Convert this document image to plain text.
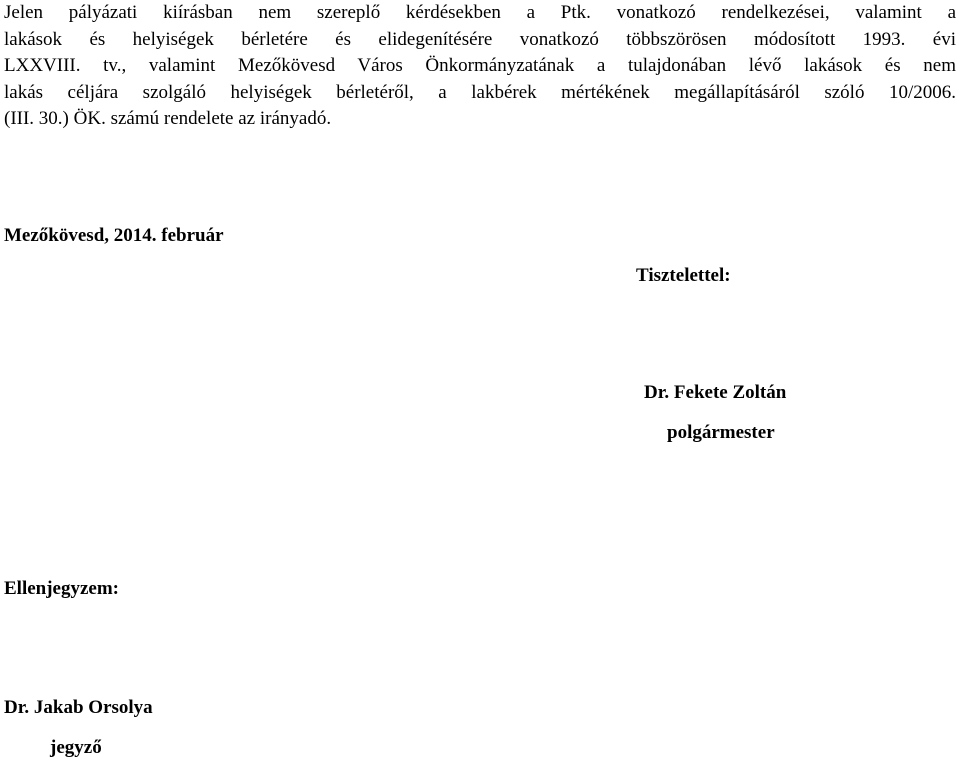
Jelen pályázati kiírásban nem szereplő kérdésekben a Ptk. vonatkozó rendelkezései, valamint a
lakások és helyiségek bérletére és elidegenítésére vonatkozó többszörösen módosított 1993. évi
LXXVIII. tv., valamint Mezőkövesd Város Önkormányzatának a tulajdonában lévő lakások és nem
lakás céljára szolgáló helyiségek bérletéről, a lakbérek mértékének megállapításáról szóló 10/2006.
(III. 30.) ÖK. számú rendelete az irányadó.
Mezőkövesd, 2014. február
Tisztelettel:
Dr. Fekete Zoltán
polgármester
Ellenjegyzem:
Dr. Jakab Orsolya
jegyző
